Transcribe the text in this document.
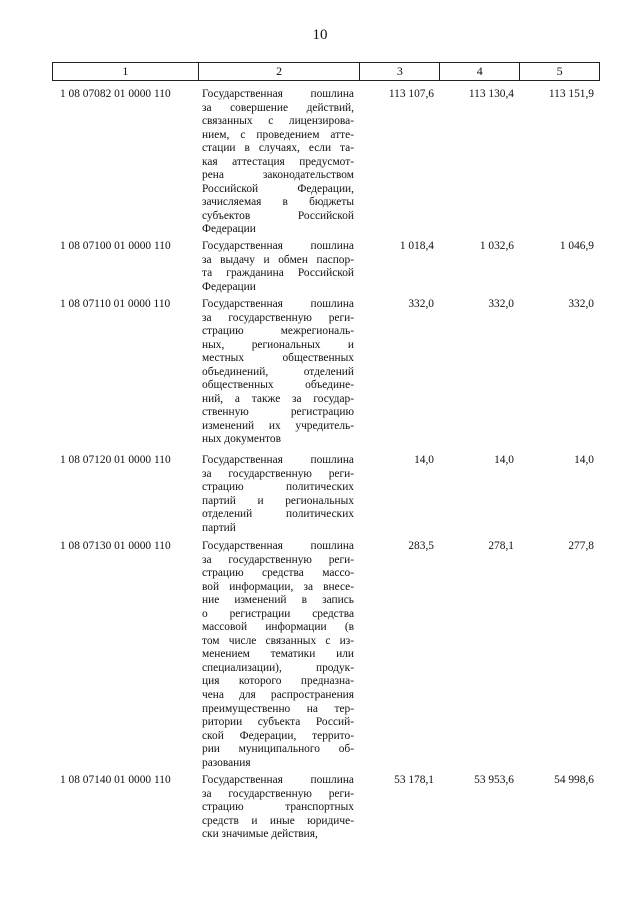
10
1	2	3	4	5
1 08 07082 01 0000 110	Государственная пошлина
за совершение действий,
связанных с лицензирова-
нием, с проведением атте-
стации в случаях, если та-
кая аттестация предусмот-
рена законодательством
Российской Федерации,
зачисляемая в бюджеты
субъектов Российской
Федерации
113 107,6	113 130,4	113 151,9
1 08 07100 01 0000 110	Государственная пошлина
за выдачу и обмен паспор-
та гражданина Российской
Федерации
1 018,4	1 032,6	1 046,9
1 08 07110 01 0000 110	Государственная пошлина
за государственную реги-
страцию межрегиональ-
ных, региональных и
местных общественных
объединений, отделений
общественных объедине-
ний, а также за государ-
ственную регистрацию
изменений их учредитель-
ных документов
332,0	332,0	332,0
1 08 07120 01 0000 110	Государственная пошлина
за государственную реги-
страцию политических
партий и региональных
отделений политических
партий
14,0	14,0	14,0
1 08 07130 01 0000 110	Государственная пошлина
за государственную реги-
страцию средства массо-
вой информации, за внесе-
ние изменений в запись
о регистрации средства
массовой информации (в
том числе связанных с из-
менением тематики или
специализации), продук-
ция которого предназна-
чена для распространения
преимущественно на тер-
ритории субъекта Россий-
ской Федерации, террито-
рии муниципального об-
разования
283,5	278,1	277,8
1 08 07140 01 0000 110	Государственная пошлина
за государственную реги-
страцию транспортных
средств и иные юридиче-
ски значимые действия,
53 178,1	53 953,6	54 998,6
